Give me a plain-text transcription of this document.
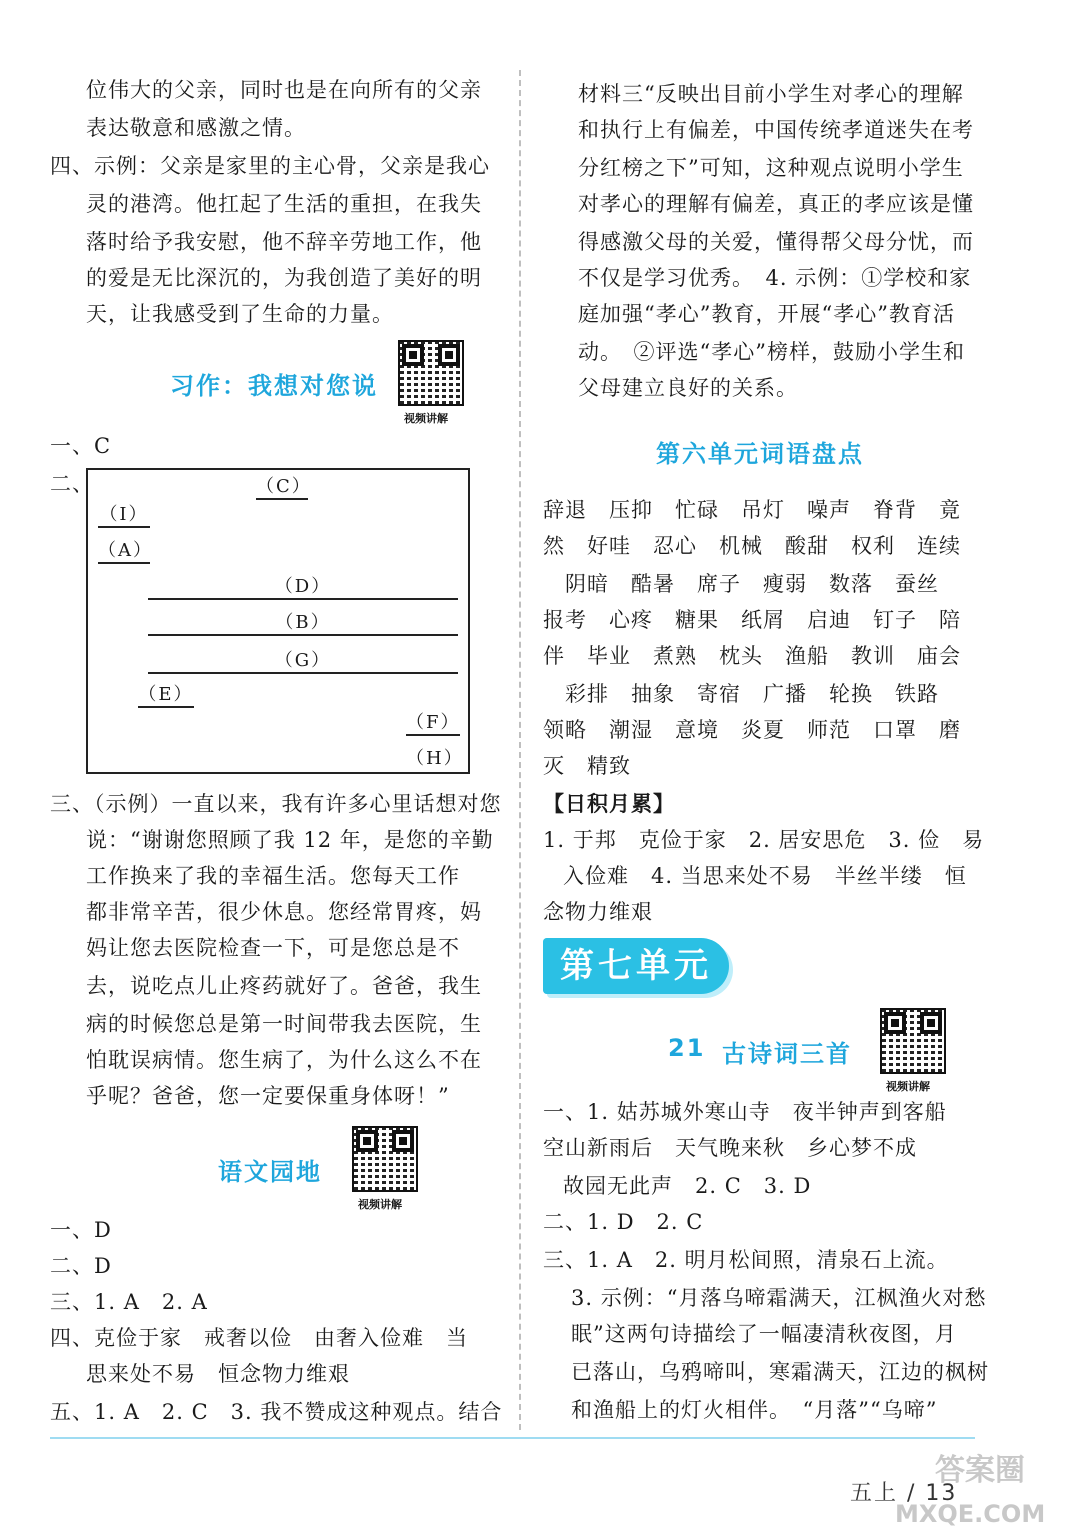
位伟大的父亲，同时也是在向所有的父亲
表达敬意和感激之情。
四、示例：父亲是家里的主心骨，父亲是我心
灵的港湾。他扛起了生活的重担，在我失
落时给予我安慰，他不辞辛劳地工作，他
的爱是无比深沉的，为我创造了美好的明
天，让我感受到了生命的力量。
习作：我想对您说
视频讲解
一、C
二、	（C）
（I）
（A）
（D）
（B）
（G）
（E）
（F）
（H）
三、（示例）一直以来，我有许多心里话想对您
说：“谢谢您照顾了我 12 年，是您的辛勤
工作换来了我的幸福生活。您每天工作
都非常辛苦，很少休息。您经常胃疼，妈
妈让您去医院检查一下，可是您总是不
去，说吃点儿止疼药就好了。爸爸，我生
病的时候您总是第一时间带我去医院，生
怕耽误病情。您生病了，为什么这么不在
乎呢？爸爸，您一定要保重身体呀！”
语文园地
视频讲解
一、D
二、D
三、1. A　2. A
四、克俭于家　戒奢以俭　由奢入俭难　当
思来处不易　恒念物力维艰
五、1. A　2. C　3. 我不赞成这种观点。结合
材料三“反映出目前小学生对孝心的理解
和执行上有偏差，中国传统孝道迷失在考
分红榜之下”可知，这种观点说明小学生
对孝心的理解有偏差，真正的孝应该是懂
得感激父母的关爱，懂得帮父母分忧，而
不仅是学习优秀。　4. 示例：①学校和家
庭加强“孝心”教育，开展“孝心”教育活
动。　②评选“孝心”榜样，鼓励小学生和
父母建立良好的关系。
第六单元词语盘点
辞退　压抑　忙碌　吊灯　噪声　脊背　竟
然　好哇　忍心　机械　酸甜　权利　连续
　阴暗　酷暑　席子　瘦弱　数落　蚕丝
报考　心疼　糖果　纸屑　启迪　钉子　陪
伴　毕业　煮熟　枕头　渔船　教训　庙会
　彩排　抽象　寄宿　广播　轮换　铁路
领略　潮湿　意境　炎夏　师范　口罩　磨
灭　精致
【日积月累】
1. 于邦　克俭于家　2. 居安思危　3. 俭　易
入俭难　4. 当思来处不易　半丝半缕　恒
念物力维艰
第七单元
21 古诗词三首
视频讲解
一、1. 姑苏城外寒山寺　夜半钟声到客船
空山新雨后　天气晚来秋　乡心梦不成
故园无此声　2. C　3. D
二、1. D　2. C
三、1. A　2. 明月松间照，清泉石上流。
3. 示例：“月落乌啼霜满天，江枫渔火对愁
眠”这两句诗描绘了一幅凄清秋夜图，月
已落山，乌鸦啼叫，寒霜满天，江边的枫树
和渔船上的灯火相伴。　“月落”“乌啼”
五上 / 13
答案圈
MXQE.COM
